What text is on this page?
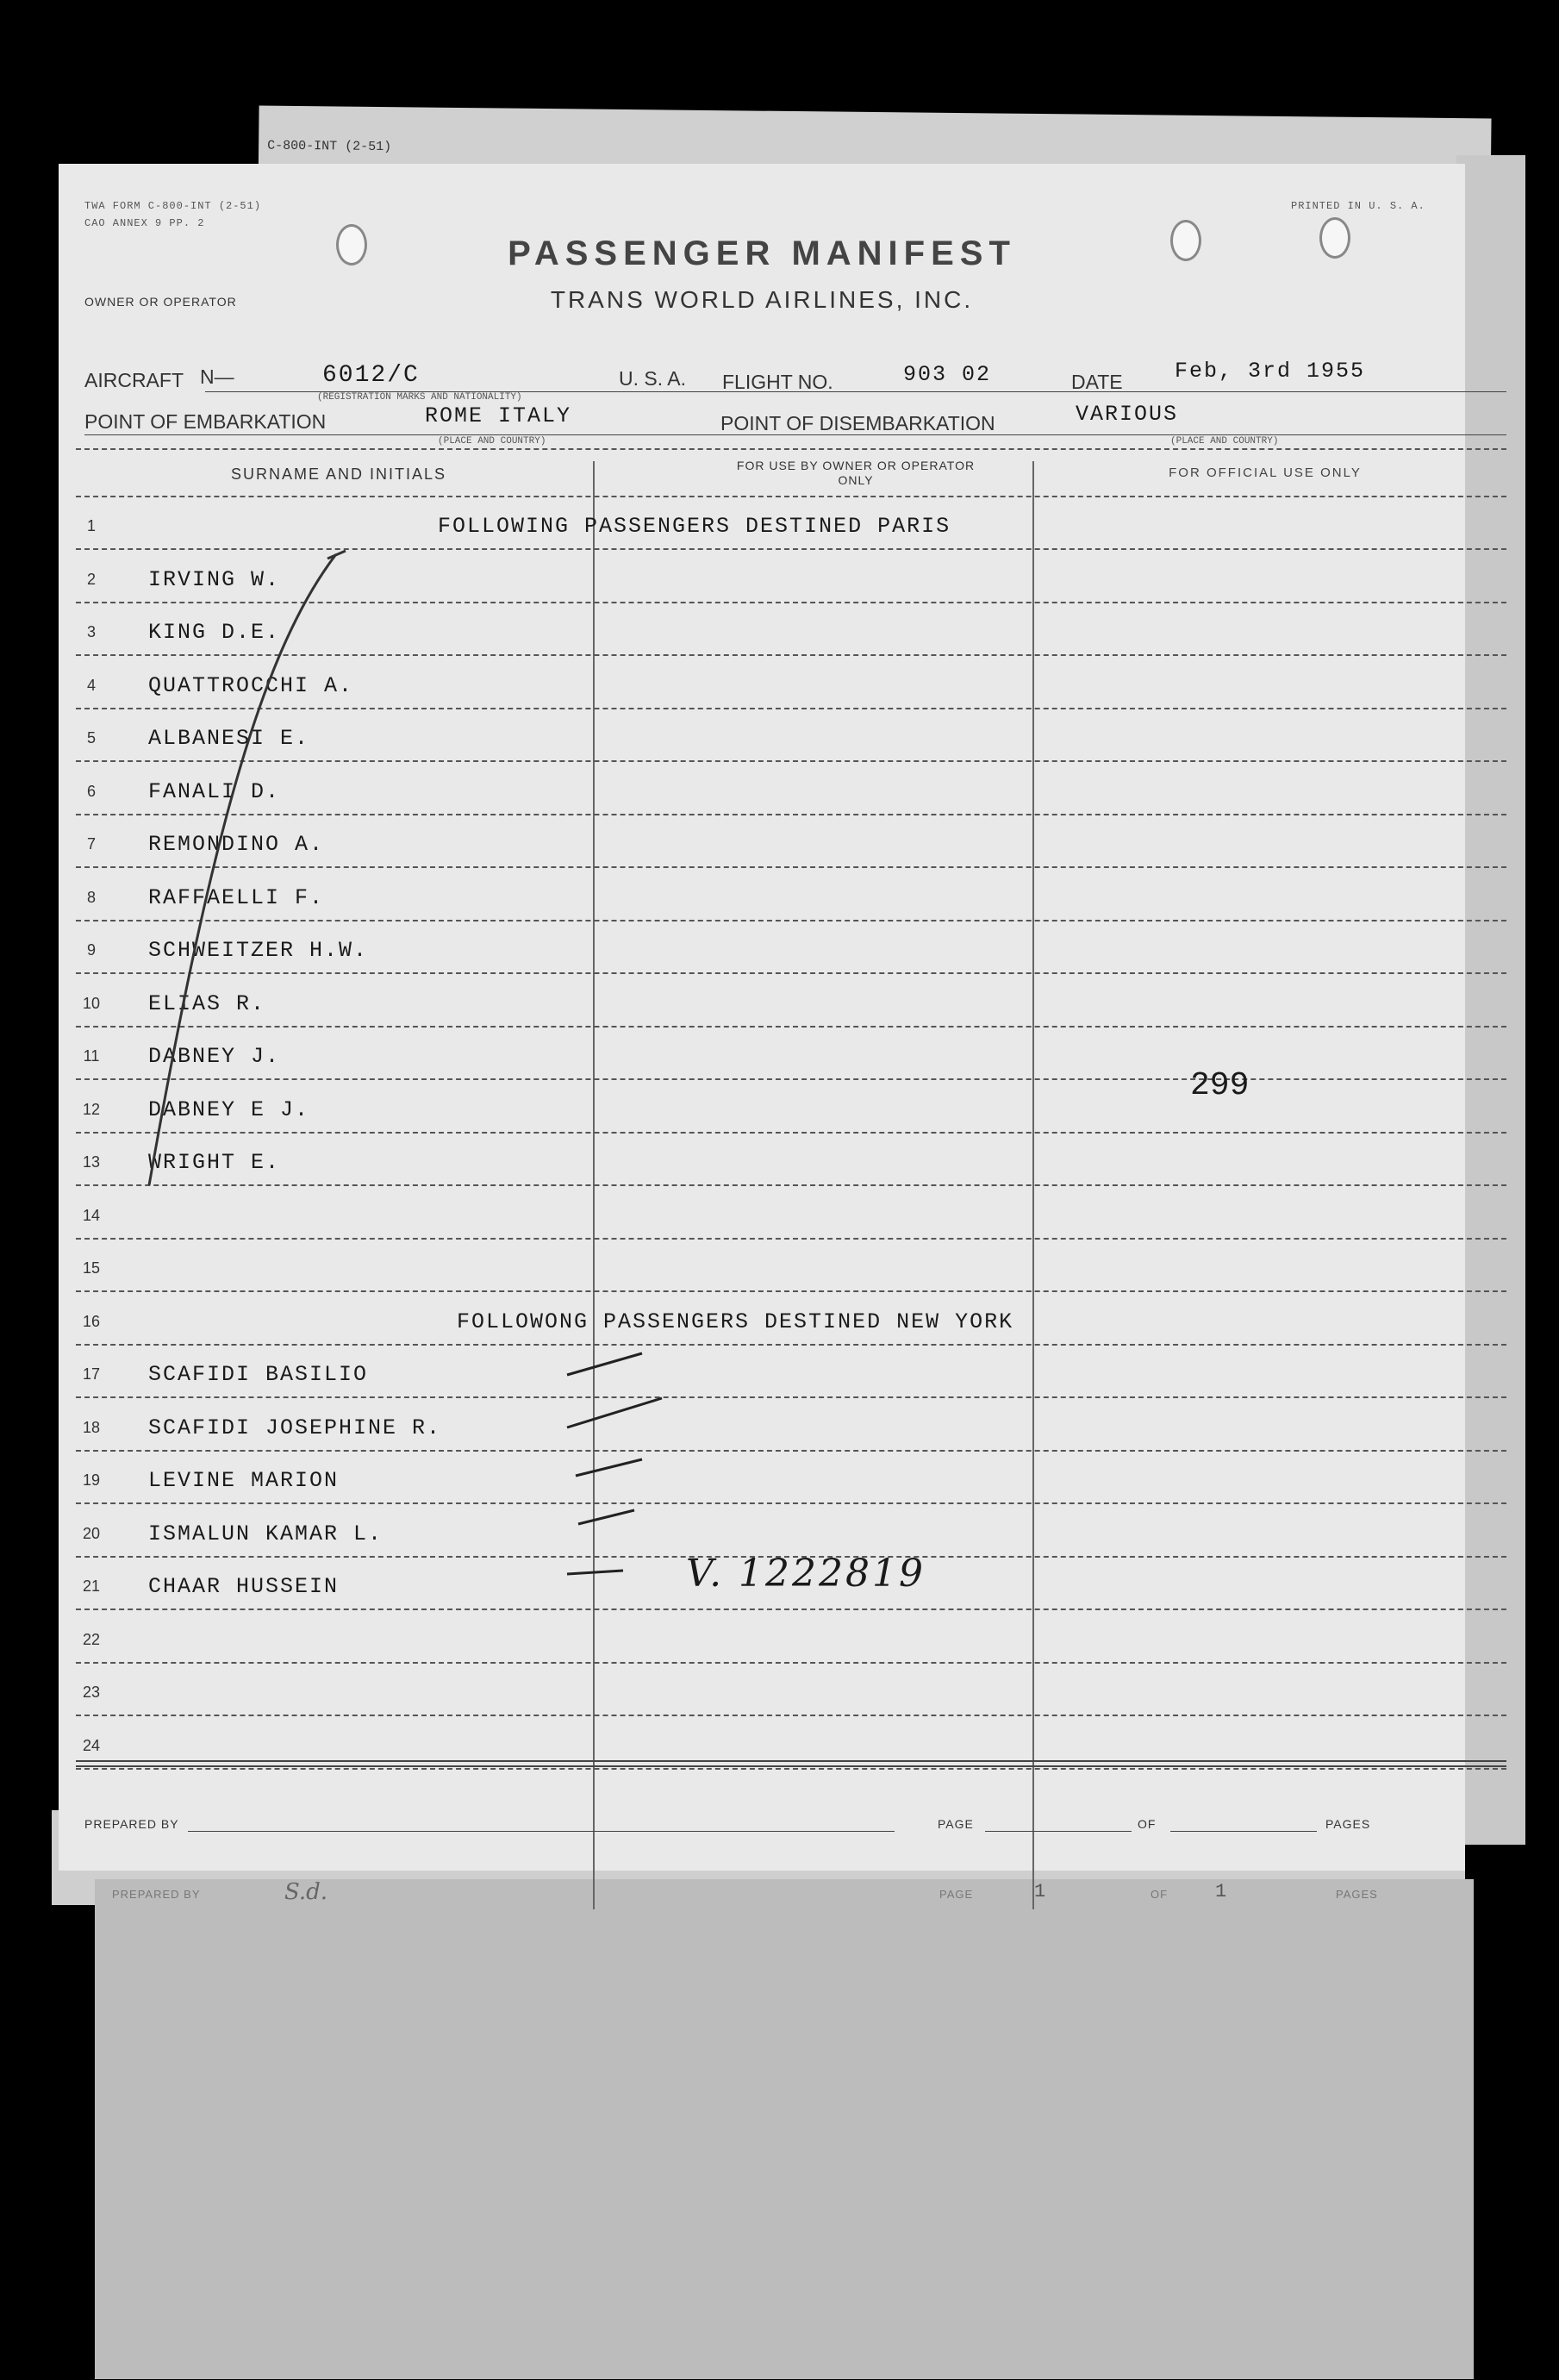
C-800-INT (2-51)
PREPARED BY	S.d.	PAGE	1	OF 1	PAGES
TWA FORM C-800-INT (2-51)
CAO ANNEX 9 PP. 2
PRINTED IN U. S. A.
OWNER OR OPERATOR
PASSENGER MANIFEST
TRANS WORLD AIRLINES, INC.
AIRCRAFT N—	6012/C	U. S. A. FLIGHT NO.	903 02	DATE Feb, 3rd 1955
(REGISTRATION MARKS AND NATIONALITY)
POINT OF EMBARKATION	ROME ITALY	POINT OF DISEMBARKATION	VARIOUS
(PLACE AND COUNTRY)	(PLACE AND COUNTRY)
SURNAME AND INITIALS	FOR USE BY OWNER OR OPERATOR ONLY	FOR OFFICIAL USE ONLY
1	FOLLOWING PASSENGERS DESTINED PARIS
2	IRVING W.
3	KING D.E.
4	QUATTROCCHI A.
5	ALBANESI E.
6	FANALI D.
7	REMONDINO A.
8	RAFFAELLI F.
9	SCHWEITZER H.W.
10	ELIAS R.
11	DABNEY J.
12	DABNEY E J.
13	WRIGHT E.
14
15
16	FOLLOWONG PASSENGERS DESTINED NEW YORK
17	SCAFIDI BASILIO
18	SCAFIDI JOSEPHINE R.
19	LEVINE MARION
20	ISMALUN KAMAR L.
21	CHAAR HUSSEIN
22
23
24
PREPARED BY	PAGE	OF	PAGES
299
V. 1222819
